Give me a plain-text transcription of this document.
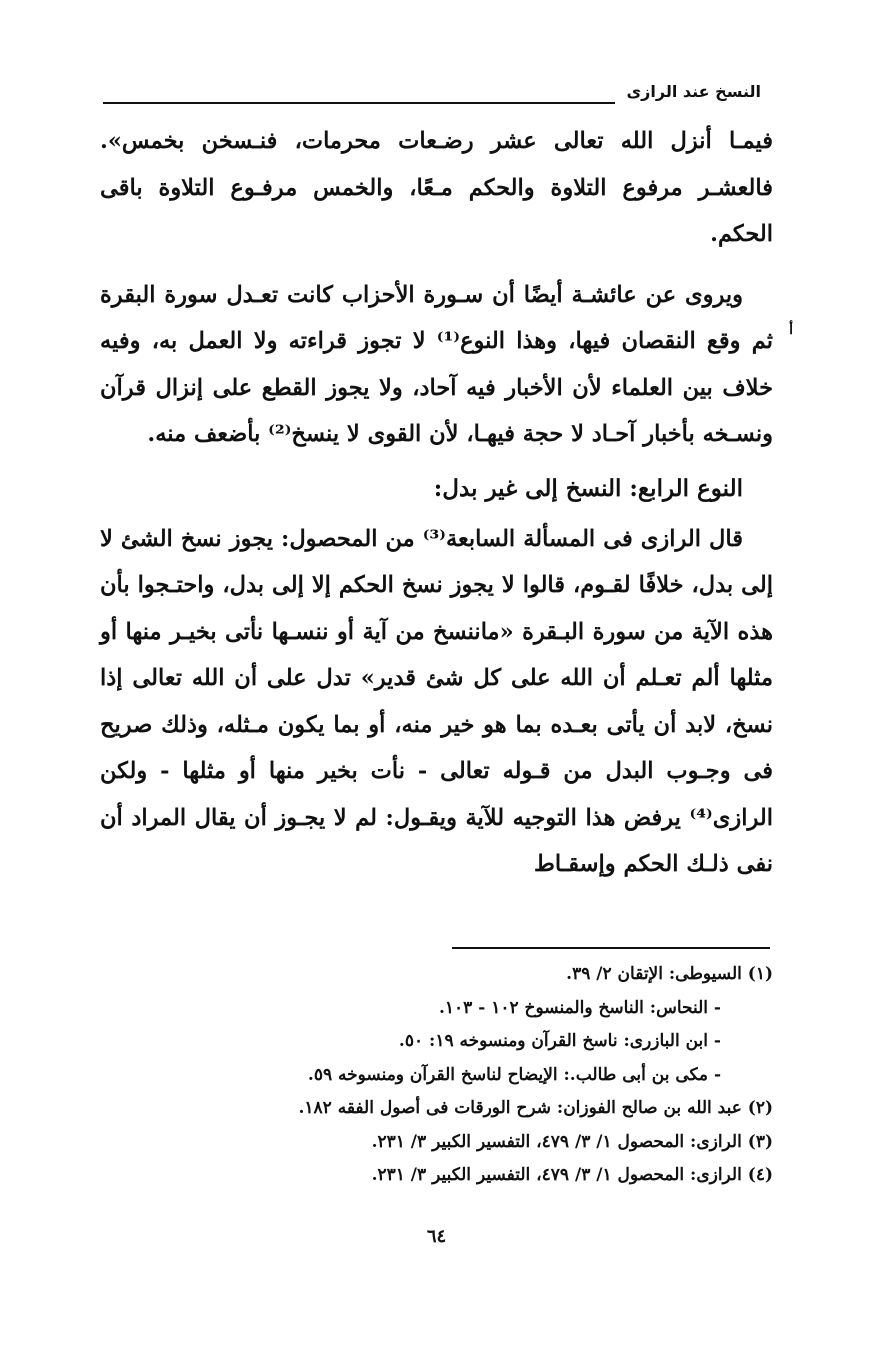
النسخ عند الرازى
أ

فيمـا أنزل الله تعالى عشر رضـعات محرمات، فنـسخن بخمس». فالعشـر مرفوع التلاوة والحكم مـعًا، والخمس مرفـوع التلاوة باقى الحكم.

ويروى عن عائشـة أيضًا أن سـورة الأحزاب كانت تعـدل سورة البقرة ثم وقع النقصان فيها، وهذا النوع⁽¹⁾ لا تجوز قراءته ولا العمل به، وفيه خلاف بين العلماء لأن الأخبار فيه آحاد، ولا يجوز القطع على إنزال قرآن ونسـخه بأخبار آحـاد لا حجة فيهـا، لأن القوى لا ينسخ⁽²⁾ بأضعف منه.

النوع الرابع: النسخ إلى غير بدل:

قال الرازى فى المسألة السابعة⁽³⁾ من المحصول: يجوز نسخ الشئ لا إلى بدل، خلافًا لقـوم، قالوا لا يجوز نسخ الحكم إلا إلى بدل، واحتـجوا بأن هذه الآية من سورة البـقرة «ماننسخ من آية أو ننسـها نأتى بخيـر منها أو مثلها ألم تعـلم أن الله على كل شئ قدير» تدل على أن الله تعالى إذا نسخ، لابد أن يأتى بعـده بما هو خير منه، أو بما يكون مـثله، وذلك صريح فى وجـوب البدل من قـوله تعالى - نأت بخير منها أو مثلها - ولكن الرازى⁽⁴⁾ يرفض هذا التوجيه للآية ويقـول: لم لا يجـوز أن يقال المراد أن نفى ذلـك الحكم وإسقـاط

(١) السيوطى: الإتقان ٢/ ٣٩.
- النحاس: الناسخ والمنسوخ ١٠٢ - ١٠٣.
- ابن البازرى: ناسخ القرآن ومنسوخه ١٩: ٥٠.
- مكى بن أبى طالب.: الإيضاح لناسخ القرآن ومنسوخه ٥٩.
(٢) عبد الله بن صالح الفوزان: شرح الورقات فى أصول الفقه ١٨٢.
(٣) الرازى: المحصول ١/ ٣/ ٤٧٩، التفسير الكبير ٣/ ٢٣١.
(٤) الرازى: المحصول ١/ ٣/ ٤٧٩، التفسير الكبير ٣/ ٢٣١.
٦٤
